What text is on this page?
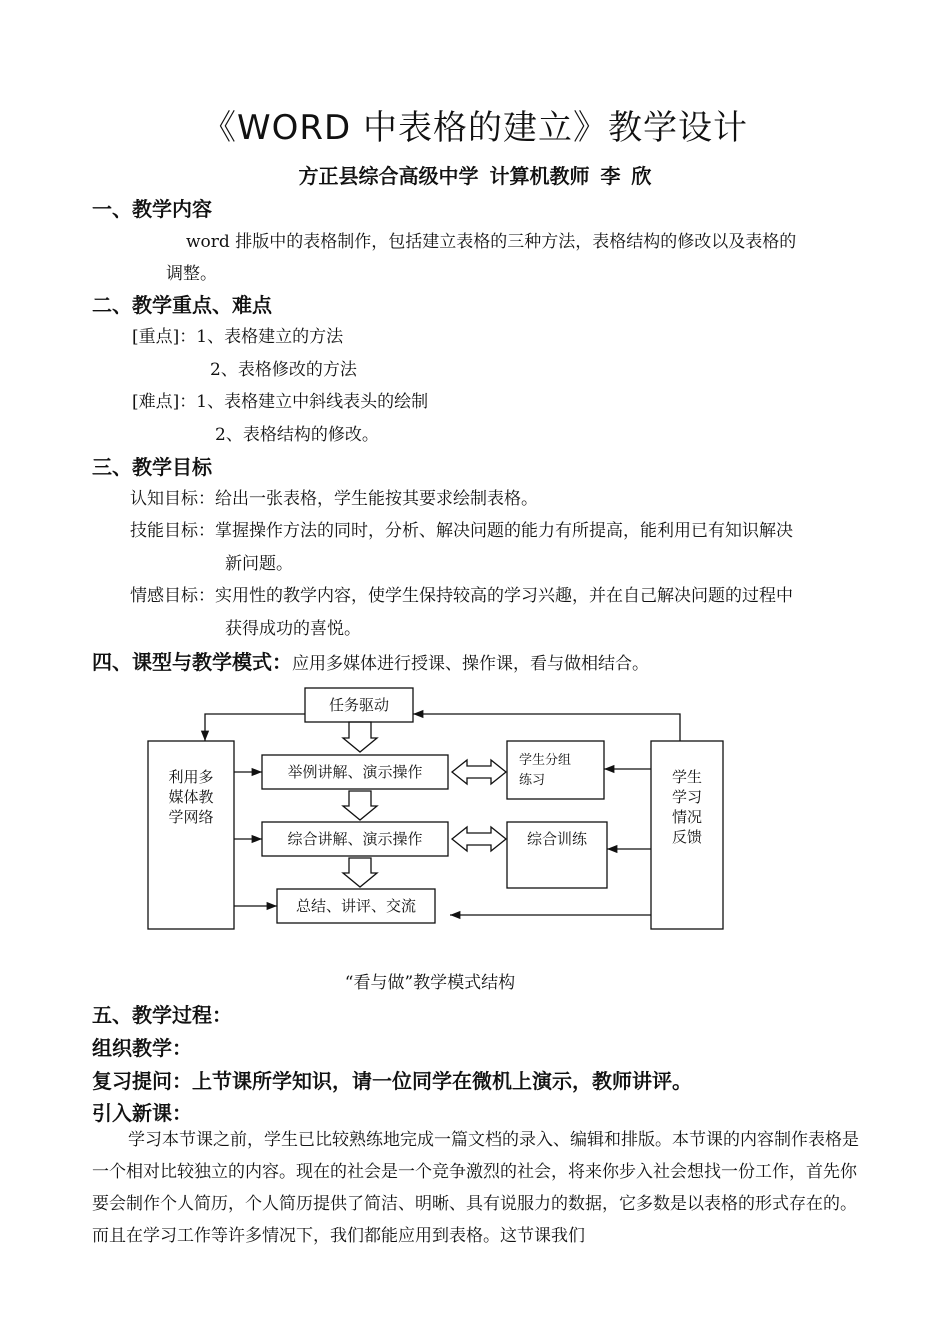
《WORD 中表格的建立》教学设计
方正县综合高级中学 计算机教师 李 欣
一、教学内容
word 排版中的表格制作，包括建立表格的三种方法，表格结构的修改以及表格的
调整。
二、教学重点、难点
[重点]：1、表格建立的方法
2、表格修改的方法
[难点]：1、表格建立中斜线表头的绘制
2、表格结构的修改。
三、教学目标
认知目标：给出一张表格，学生能按其要求绘制表格。
技能目标：掌握操作方法的同时，分析、解决问题的能力有所提高，能利用已有知识解决
新问题。
情感目标：实用性的教学内容，使学生保持较高的学习兴趣，并在自己解决问题的过程中
获得成功的喜悦。
四、课型与教学模式：应用多媒体进行授课、操作课，看与做相结合。
任务驱动
举例讲解、演示操作
综合讲解、演示操作
总结、讲评、交流
综合训练
利用多
媒体教
学网络
学生
学习
情况
反馈
学生分组
练习
“看与做”教学模式结构
五、教学过程：
组织教学：
复习提问：上节课所学知识，请一位同学在微机上演示，教师讲评。
引入新课：
学习本节课之前，学生已比较熟练地完成一篇文档的录入、编辑和排版。本节课的内容制作表格是一个相对比较独立的内容。现在的社会是一个竞争激烈的社会，将来你步入社会想找一份工作，首先你要会制作个人简历，个人简历提供了简洁、明晰、具有说服力的数据，它多数是以表格的形式存在的。而且在学习工作等许多情况下，我们都能应用到表格。这节课我们
